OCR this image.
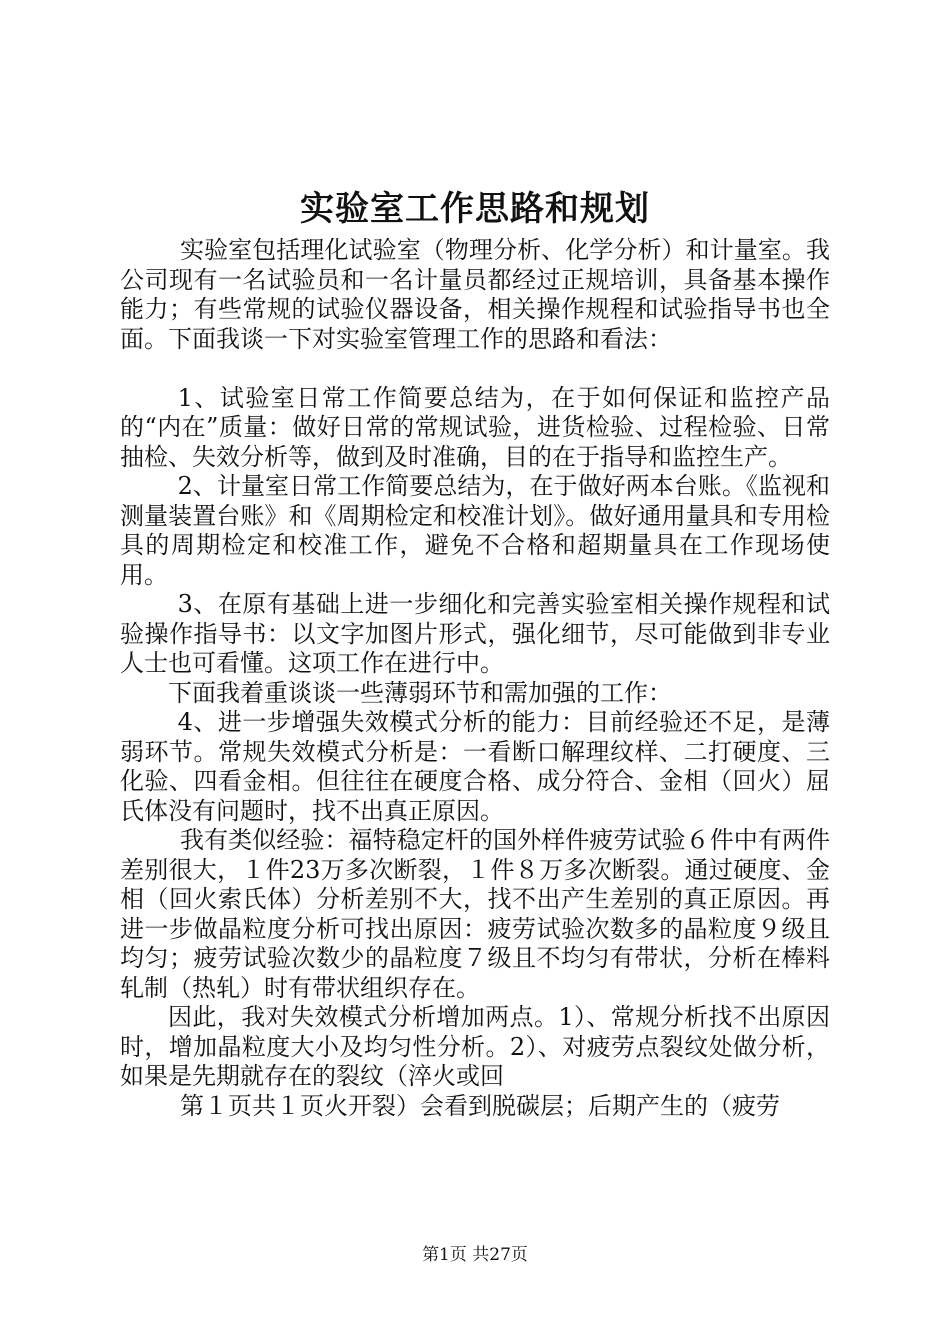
实验室工作思路和规划

实验室包括理化试验室（物理分析、化学分析）和计量室。我公司现有一名试验员和一名计量员都经过正规培训，具备基本操作能力；有些常规的试验仪器设备，相关操作规程和试验指导书也全面。下面我谈一下对实验室管理工作的思路和看法：

1、试验室日常工作简要总结为，在于如何保证和监控产品的“内在”质量：做好日常的常规试验，进货检验、过程检验、日常抽检、失效分析等，做到及时准确，目的在于指导和监控生产。

2、计量室日常工作简要总结为，在于做好两本台账。《监视和测量装置台账》和《周期检定和校准计划》。做好通用量具和专用检具的周期检定和校准工作，避免不合格和超期量具在工作现场使用。

3、在原有基础上进一步细化和完善实验室相关操作规程和试验操作指导书：以文字加图片形式，强化细节，尽可能做到非专业人士也可看懂。这项工作在进行中。

下面我着重谈谈一些薄弱环节和需加强的工作：

4、进一步增强失效模式分析的能力：目前经验还不足，是薄弱环节。常规失效模式分析是：一看断口解理纹样、二打硬度、三化验、四看金相。但往往在硬度合格、成分符合、金相（回火）屈氏体没有问题时，找不出真正原因。

我有类似经验：福特稳定杆的国外样件疲劳试验６件中有两件差别很大，１件23万多次断裂，１件８万多次断裂。通过硬度、金相（回火索氏体）分析差别不大，找不出产生差别的真正原因。再进一步做晶粒度分析可找出原因：疲劳试验次数多的晶粒度９级且均匀；疲劳试验次数少的晶粒度７级且不均匀有带状，分析在棒料轧制（热轧）时有带状组织存在。

因此，我对失效模式分析增加两点。1）、常规分析找不出原因时，增加晶粒度大小及均匀性分析。2）、对疲劳点裂纹处做分析，如果是先期就存在的裂纹（淬火或回

第１页共１页火开裂）会看到脱碳层；后期产生的（疲劳

第1页 共27页
